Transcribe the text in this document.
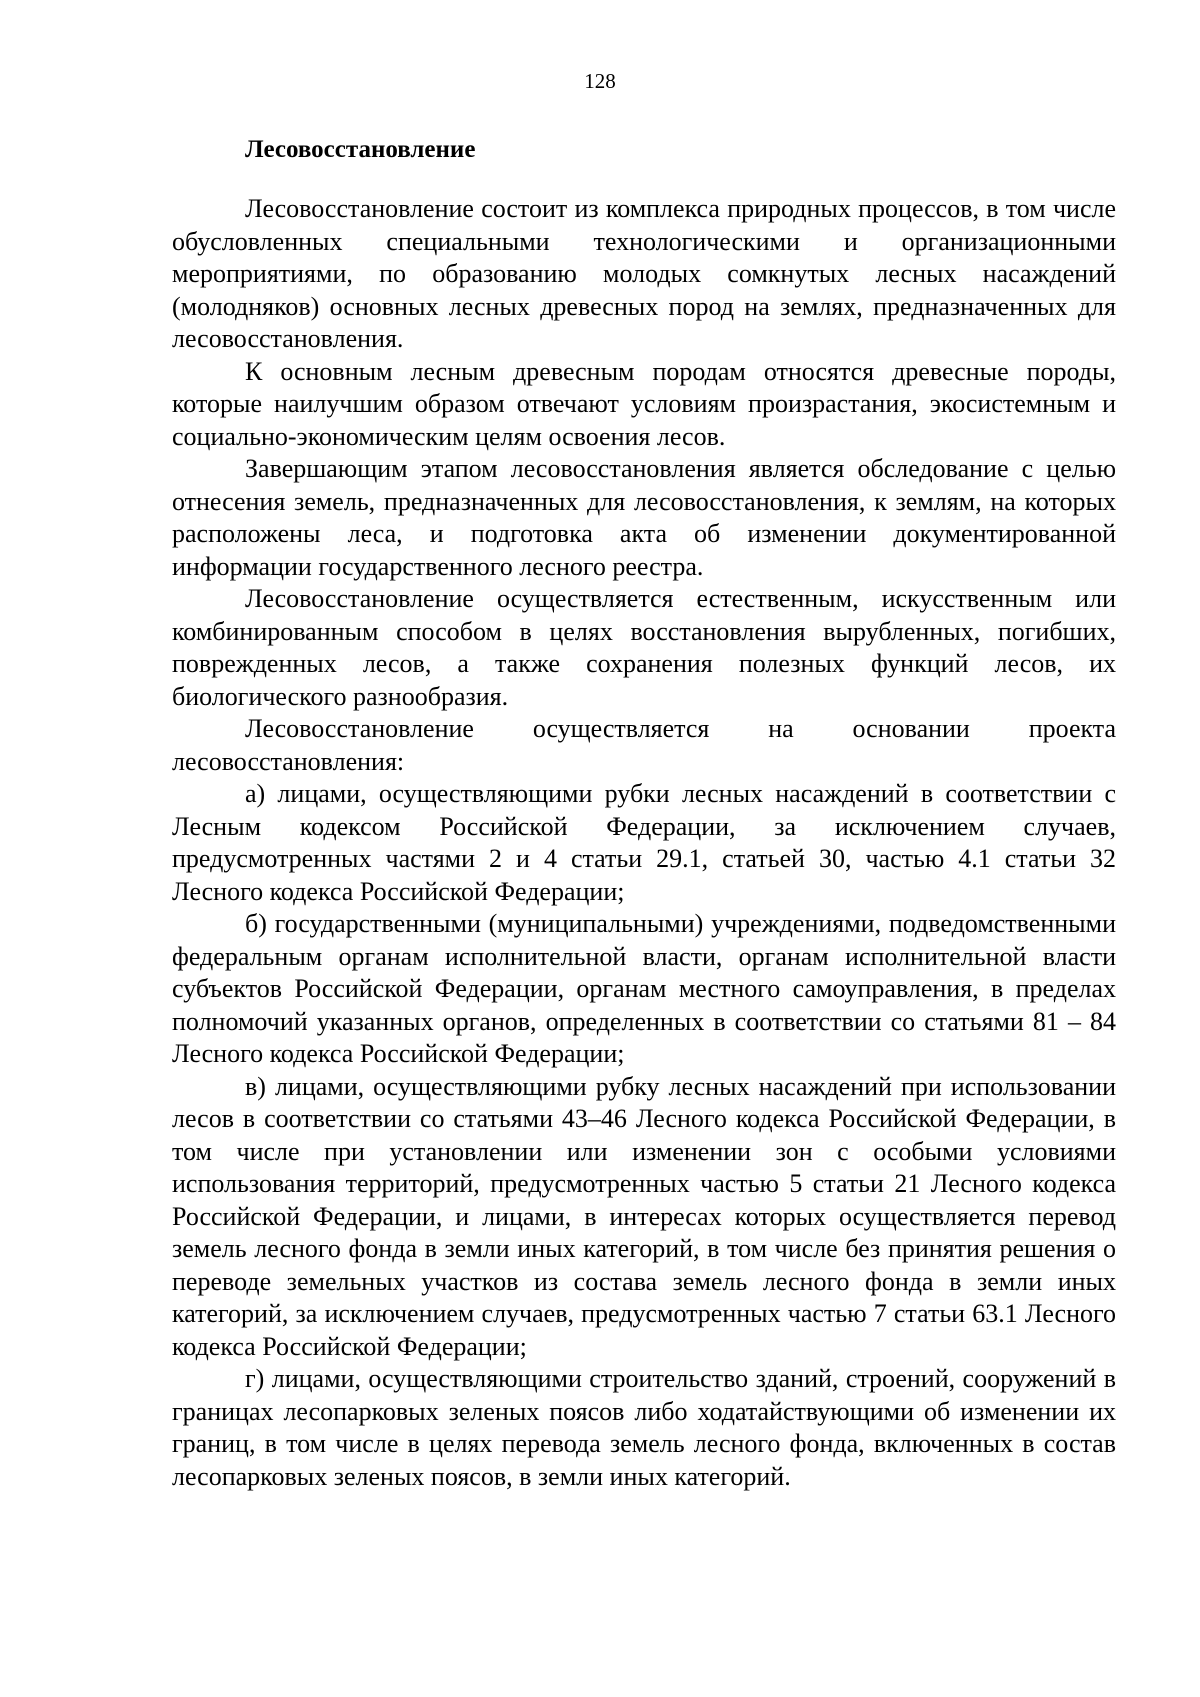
128
Лесовосстановление

Лесовосстановление состоит из комплекса природных процессов, в том числе обусловленных специальными технологическими и организационными мероприятиями, по образованию молодых сомкнутых лесных насаждений (молодняков) основных лесных древесных пород на землях, предназначенных для лесовосстановления.

К основным лесным древесным породам относятся древесные породы, которые наилучшим образом отвечают условиям произрастания, экосистемным и социально-экономическим целям освоения лесов.

Завершающим этапом лесовосстановления является обследование с целью отнесения земель, предназначенных для лесовосстановления, к землям, на которых расположены леса, и подготовка акта об изменении документированной информации государственного лесного реестра.

Лесовосстановление осуществляется естественным, искусственным или комбинированным способом в целях восстановления вырубленных, погибших, поврежденных лесов, а также сохранения полезных функций лесов, их биологического разнообразия.

Лесовосстановление осуществляется на основании проекта лесовосстановления:

а) лицами, осуществляющими рубки лесных насаждений в соответствии с Лесным кодексом Российской Федерации, за исключением случаев, предусмотренных частями 2 и 4 статьи 29.1, статьей 30, частью 4.1 статьи 32 Лесного кодекса Российской Федерации;

б) государственными (муниципальными) учреждениями, подведомственными федеральным органам исполнительной власти, органам исполнительной власти субъектов Российской Федерации, органам местного самоуправления, в пределах полномочий указанных органов, определенных в соответствии со статьями 81 – 84 Лесного кодекса Российской Федерации;

в) лицами, осуществляющими рубку лесных насаждений при использовании лесов в соответствии со статьями 43–46 Лесного кодекса Российской Федерации, в том числе при установлении или изменении зон с особыми условиями использования территорий, предусмотренных частью 5 статьи 21 Лесного кодекса Российской Федерации, и лицами, в интересах которых осуществляется перевод земель лесного фонда в земли иных категорий, в том числе без принятия решения о переводе земельных участков из состава земель лесного фонда в земли иных категорий, за исключением случаев, предусмотренных частью 7 статьи 63.1 Лесного кодекса Российской Федерации;

г) лицами, осуществляющими строительство зданий, строений, сооружений в границах лесопарковых зеленых поясов либо ходатайствующими об изменении их границ, в том числе в целях перевода земель лесного фонда, включенных в состав лесопарковых зеленых поясов, в земли иных категорий.
